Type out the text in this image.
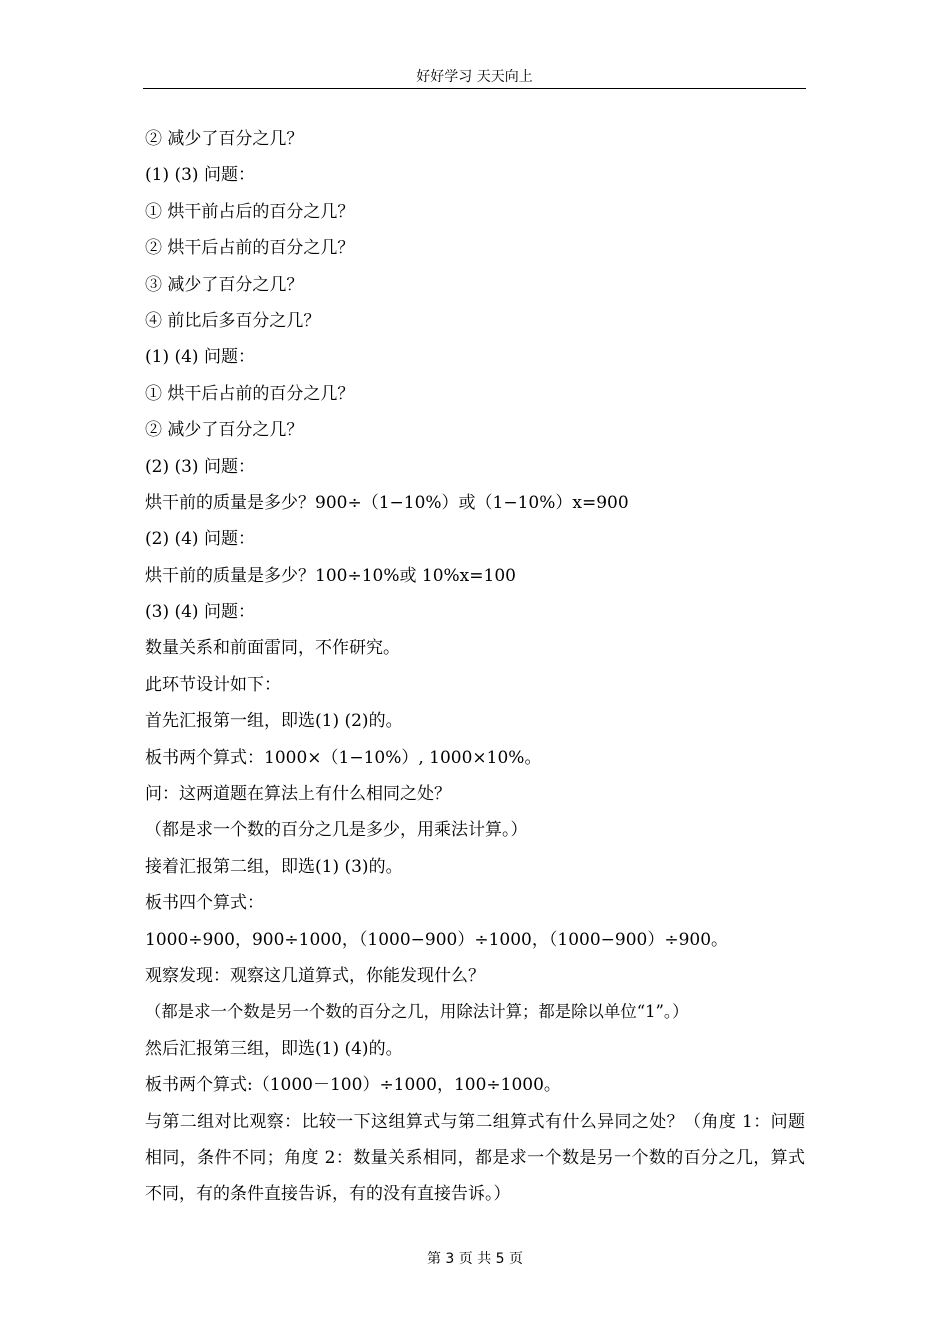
好好学习 天天向上
② 减少了百分之几？
(1) (3) 问题：
① 烘干前占后的百分之几？
② 烘干后占前的百分之几？
③ 减少了百分之几？
④ 前比后多百分之几？
(1) (4) 问题：
① 烘干后占前的百分之几？
② 减少了百分之几？
(2) (3) 问题：
烘干前的质量是多少？900÷（1−10%）或（1−10%）x=900
(2) (4) 问题：
烘干前的质量是多少？100÷10%或 10%x=100
(3) (4) 问题：
数量关系和前面雷同，不作研究。
此环节设计如下：
首先汇报第一组，即选(1) (2)的。
板书两个算式：1000×（1−10%）, 1000×10%。
问：这两道题在算法上有什么相同之处？
（都是求一个数的百分之几是多少，用乘法计算。）
接着汇报第二组，即选(1) (3)的。
板书四个算式：
1000÷900，900÷1000，（1000−900）÷1000，（1000−900）÷900。
观察发现：观察这几道算式，你能发现什么？
（都是求一个数是另一个数的百分之几，用除法计算；都是除以单位“1”。）
然后汇报第三组，即选(1) (4)的。
板书两个算式:（1000－100）÷1000，100÷1000。
与第二组对比观察：比较一下这组算式与第二组算式有什么异同之处？（角度 1：问题相同，条件不同；角度 2：数量关系相同，都是求一个数是另一个数的百分之几，算式不同，有的条件直接告诉，有的没有直接告诉。）
第 3 页 共 5 页
